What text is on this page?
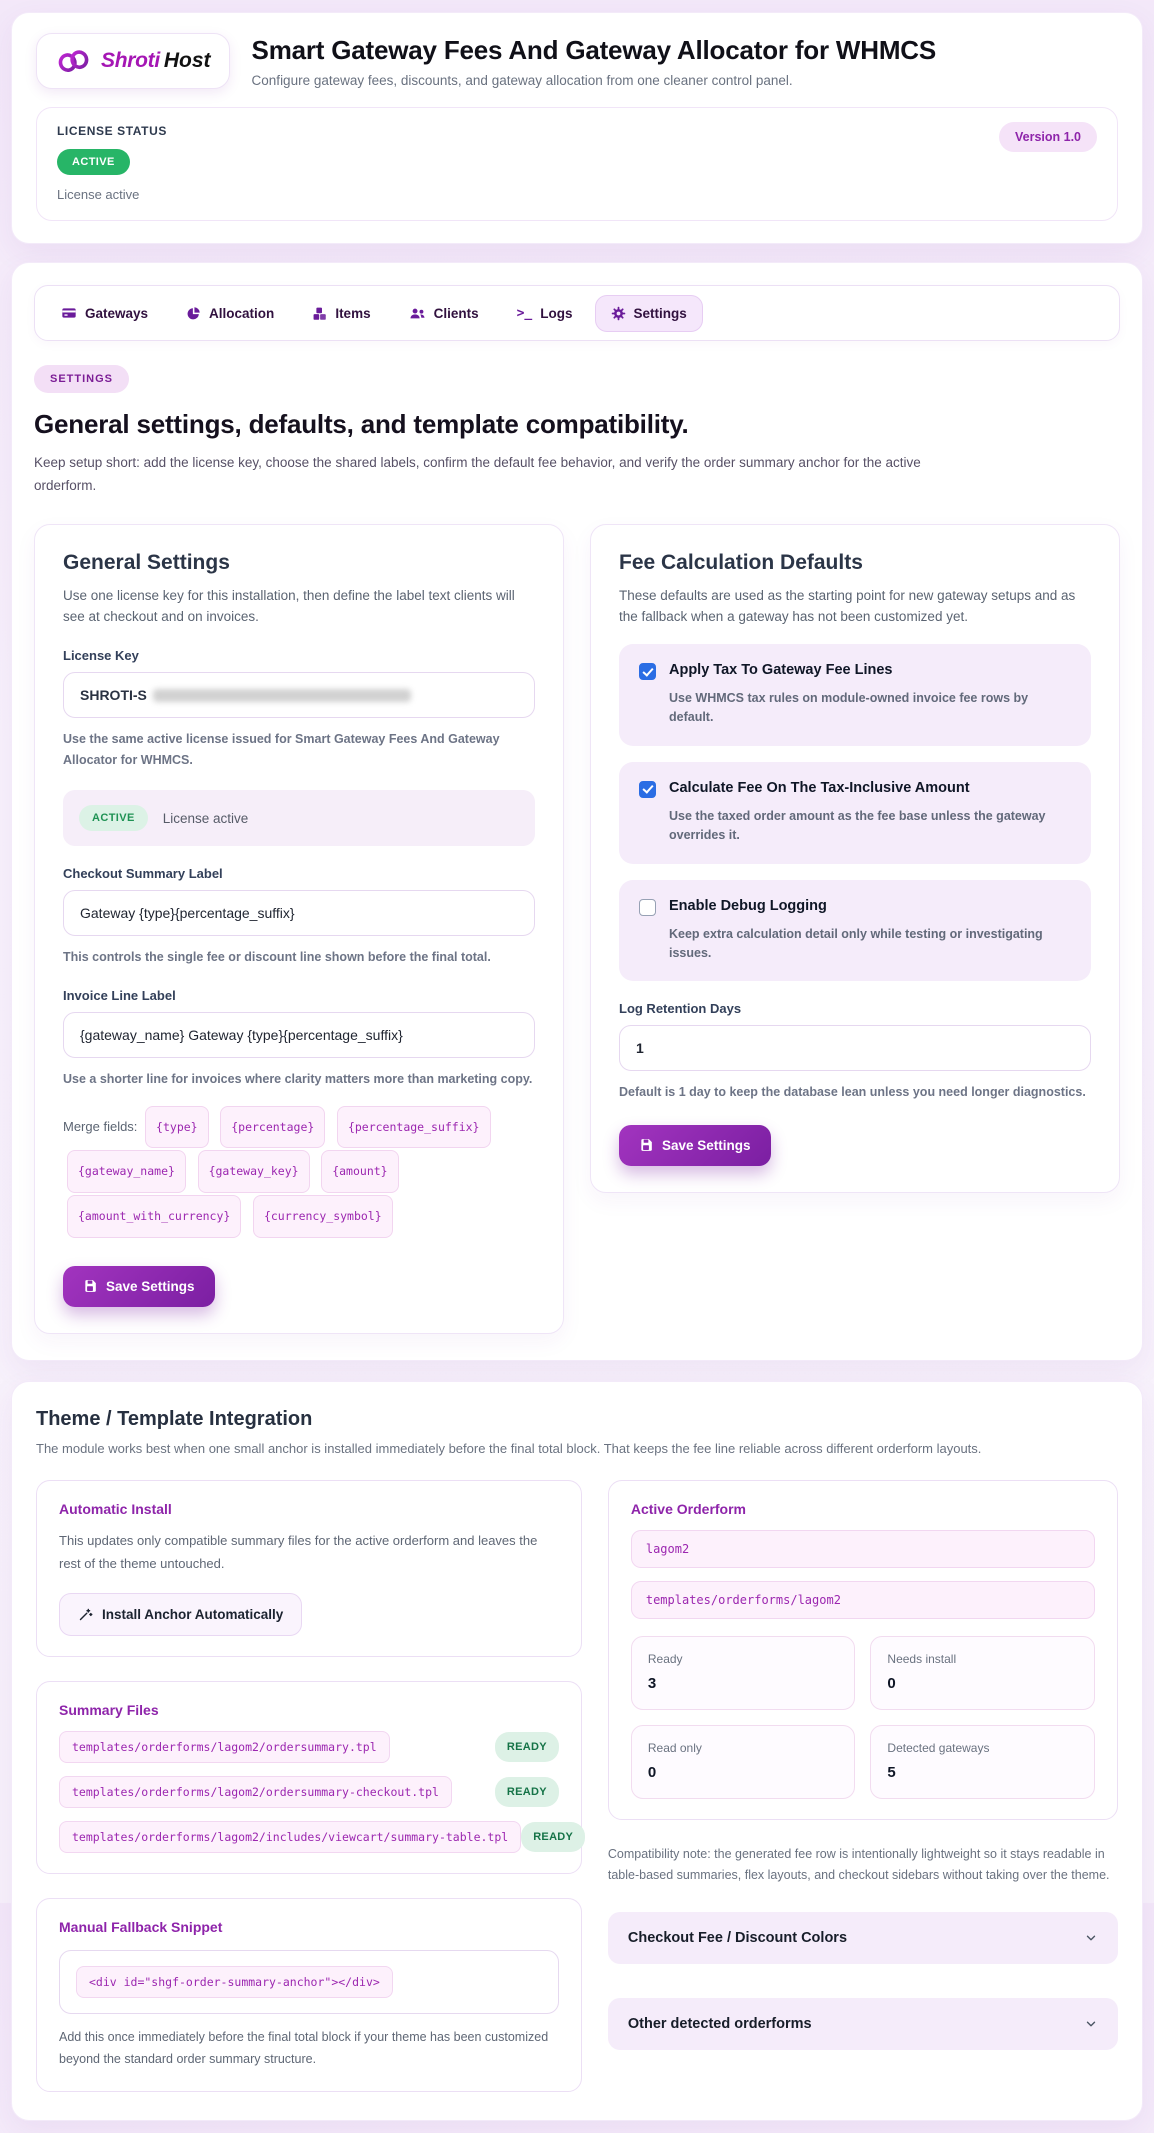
Shroti Host Smart Gateway Fees And Gateway Allocator for WHMCS
Configure gateway fees, discounts, and gateway allocation from one cleaner control panel.
LICENSE STATUS
ACTIVE
License active
Version 1.0
Gateways	Allocation	Items	Clients	>_ Logs	Settings
SETTINGS
General settings, defaults, and template compatibility.

Keep setup short: add the license key, choose the shared labels, confirm the default fee behavior, and verify the order summary anchor for the active orderform.

General Settings
Use one license key for this installation, then define the label text clients will see at checkout and on invoices.
License Key
SHROTI-S
Use the same active license issued for Smart Gateway Fees And Gateway Allocator for WHMCS.
ACTIVE	License active
Checkout Summary Label
Gateway {type}{percentage_suffix}
This controls the single fee or discount line shown before the final total.
Invoice Line Label
{gateway_name} Gateway {type}{percentage_suffix}
Use a shorter line for invoices where clarity matters more than marketing copy.
Merge fields: {type}	{percentage}	{percentage_suffix} {gateway_name}	{gateway_key}	{amount} {amount_with_currency}	{currency_symbol}
Save Settings
Fee Calculation Defaults
These defaults are used as the starting point for new gateway setups and as the fallback when a gateway has not been customized yet.
Apply Tax To Gateway Fee Lines
Use WHMCS tax rules on module-owned invoice fee rows by default.
Calculate Fee On The Tax-Inclusive Amount
Use the taxed order amount as the fee base unless the gateway overrides it.
Enable Debug Logging
Keep extra calculation detail only while testing or investigating issues.
Log Retention Days
1
Default is 1 day to keep the database lean unless you need longer diagnostics.
Save Settings
Theme / Template Integration

The module works best when one small anchor is installed immediately before the final total block. That keeps the fee line reliable across different orderform layouts.

Automatic Install
This updates only compatible summary files for the active orderform and leaves the rest of the theme untouched.
Install Anchor Automatically
Summary Files
templates/orderforms/lagom2/ordersummary.tpl	READY
templates/orderforms/lagom2/ordersummary-checkout.tpl	READY
templates/orderforms/lagom2/includes/viewcart/summary-table.tpl	READY
Manual Fallback Snippet
<div id="shgf-order-summary-anchor"></div>
Add this once immediately before the final total block if your theme has been customized beyond the standard order summary structure.
Active Orderform
lagom2
templates/orderforms/lagom2
Ready
3
Needs install
0
Read only
0
Detected gateways
5

Compatibility note: the generated fee row is intentionally lightweight so it stays readable in table-based summaries, flex layouts, and checkout sidebars without taking over the theme.

Checkout Fee / Discount Colors
Other detected orderforms
